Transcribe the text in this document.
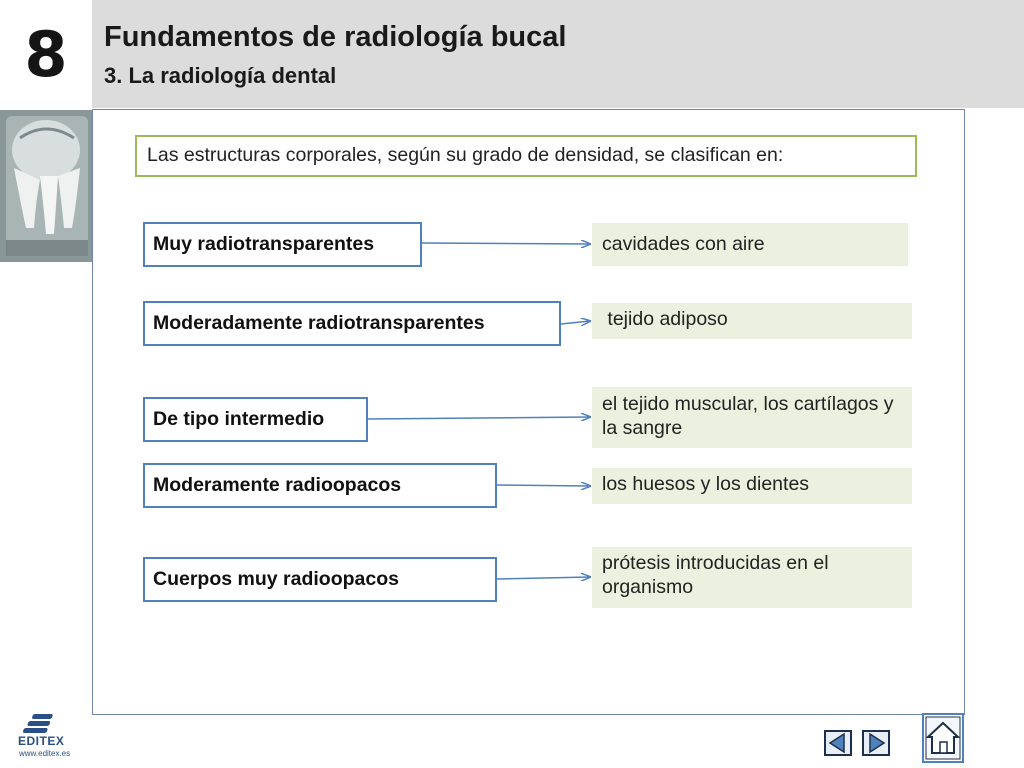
8 Fundamentos de radiología bucal
3. La radiología dental
Las estructuras corporales, según su grado de densidad, se clasifican en:
Muy radiotransparentes
Moderadamente radiotransparentes
De tipo intermedio
Moderamente radioopacos
Cuerpos muy radioopacos
cavidades con aire
tejido adiposo
el tejido muscular, los cartílagos y la sangre
los huesos y los dientes
prótesis introducidas en el organismo
EDITEX
www.editex.es
